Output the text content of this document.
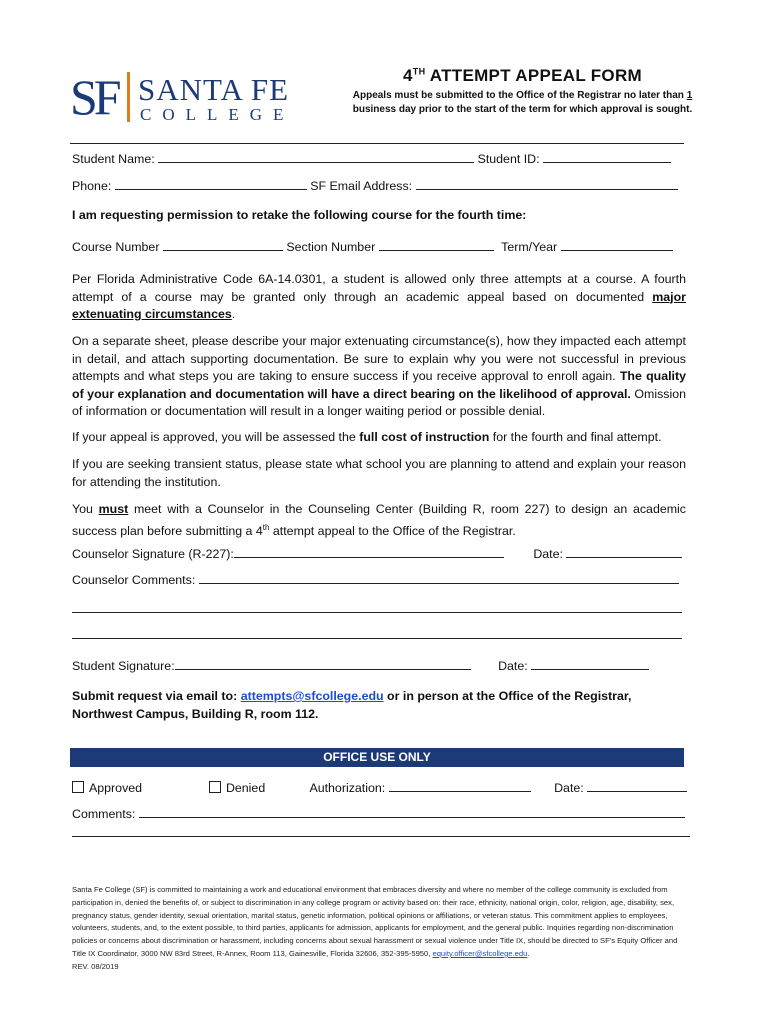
SF SANTA FE
COLLEGE
4TH ATTEMPT APPEAL FORM
Appeals must be submitted to the Office of the Registrar no later than 1
business day prior to the start of the term for which approval is sought.
Student Name:	Student ID:
Phone:	SF Email Address:
I am requesting permission to retake the following course for the fourth time:
Course Number	Section Number	Term/Year
Per Florida Administrative Code 6A-14.0301, a student is allowed only three attempts at a course. A fourth attempt of a course may be granted only through an academic appeal based on documented major extenuating circumstances.
On a separate sheet, please describe your major extenuating circumstance(s), how they impacted each attempt in detail, and attach supporting documentation. Be sure to explain why you were not successful in previous attempts and what steps you are taking to ensure success if you receive approval to enroll again. The quality of your explanation and documentation will have a direct bearing on the likelihood of approval. Omission of information or documentation will result in a longer waiting period or possible denial.
If your appeal is approved, you will be assessed the full cost of instruction for the fourth and final attempt.
If you are seeking transient status, please state what school you are planning to attend and explain your reason for attending the institution.
You must meet with a Counselor in the Counseling Center (Building R, room 227) to design an academic success plan before submitting a 4th attempt appeal to the Office of the Registrar.
Counselor Signature (R-227):	Date:
Counselor Comments:
Student Signature:	Date:
Submit request via email to: attempts@sfcollege.edu or in person at the Office of the Registrar, Northwest Campus, Building R, room 112.
OFFICE USE ONLY
Approved	Denied	Authorization:	Date:
Comments:
Santa Fe College (SF) is committed to maintaining a work and educational environment that embraces diversity and where no member of the college community is excluded from participation in, denied the benefits of, or subject to discrimination in any college program or activity based on: their race, ethnicity, national origin, color, religion, age, disability, sex, pregnancy status, gender identity, sexual orientation, marital status, genetic information, political opinions or affiliations, or veteran status. This commitment applies to employees, volunteers, students, and, to the extent possible, to third parties, applicants for admission, applicants for employment, and the general public. Inquiries regarding non-discrimination policies or concerns about discrimination or harassment, including concerns about sexual harassment or sexual violence under Title IX, should be directed to SF's Equity Officer and Title IX Coordinator, 3000 NW 83rd Street, R-Annex, Room 113, Gainesville, Florida 32606, 352-395-5950, equity.officer@sfcollege.edu.
REV. 08/2019
